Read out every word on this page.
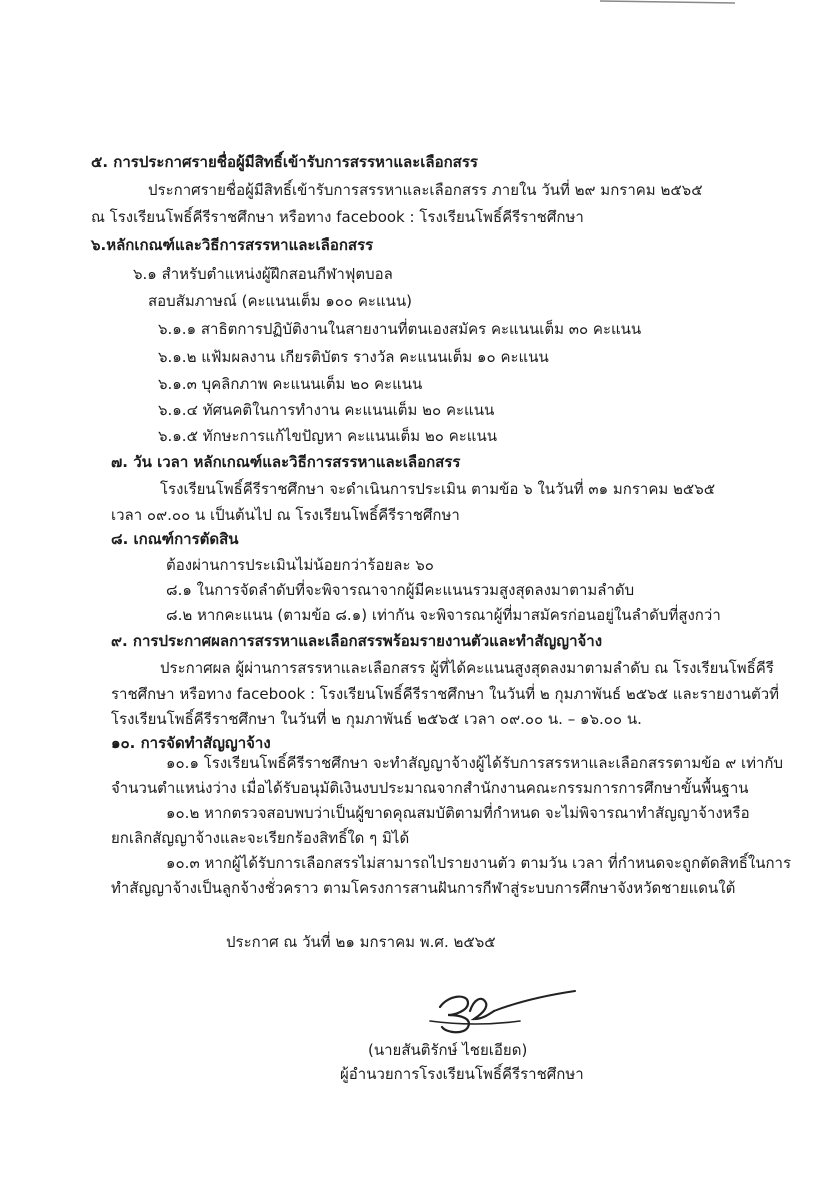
๕. การประกาศรายชื่อผู้มีสิทธิ์เข้ารับการสรรหาและเลือกสรร
ประกาศรายชื่อผู้มีสิทธิ์เข้ารับการสรรหาและเลือกสรร ภายใน วันที่ ๒๙ มกราคม ๒๕๖๕
ณ โรงเรียนโพธิ์คีรีราชศึกษา หรือทาง facebook : โรงเรียนโพธิ์คีรีราชศึกษา
๖.หลักเกณฑ์และวิธีการสรรหาและเลือกสรร
๖.๑ สำหรับตำแหน่งผู้ฝึกสอนกีฬาฟุตบอล
สอบสัมภาษณ์ (คะแนนเต็ม ๑๐๐ คะแนน)
๖.๑.๑ สาธิตการปฏิบัติงานในสายงานที่ตนเองสมัคร คะแนนเต็ม ๓๐ คะแนน
๖.๑.๒ แฟ้มผลงาน เกียรติบัตร รางวัล คะแนนเต็ม ๑๐ คะแนน
๖.๑.๓ บุคลิกภาพ คะแนนเต็ม ๒๐ คะแนน
๖.๑.๔ ทัศนคติในการทำงาน คะแนนเต็ม ๒๐ คะแนน
๖.๑.๕ ทักษะการแก้ไขปัญหา คะแนนเต็ม ๒๐ คะแนน
๗. วัน เวลา หลักเกณฑ์และวิธีการสรรหาและเลือกสรร
โรงเรียนโพธิ์คีรีราชศึกษา จะดำเนินการประเมิน ตามข้อ ๖ ในวันที่ ๓๑ มกราคม ๒๕๖๕
เวลา ๐๙.๐๐ น เป็นต้นไป ณ โรงเรียนโพธิ์คีรีราชศึกษา
๘. เกณฑ์การตัดสิน
ต้องผ่านการประเมินไม่น้อยกว่าร้อยละ ๖๐
๘.๑ ในการจัดลำดับที่จะพิจารณาจากผู้มีคะแนนรวมสูงสุดลงมาตามลำดับ
๘.๒ หากคะแนน (ตามข้อ ๘.๑) เท่ากัน จะพิจารณาผู้ที่มาสมัครก่อนอยู่ในลำดับที่สูงกว่า
๙. การประกาศผลการสรรหาและเลือกสรรพร้อมรายงานตัวและทำสัญญาจ้าง
ประกาศผล ผู้ผ่านการสรรหาและเลือกสรร ผู้ที่ได้คะแนนสูงสุดลงมาตามลำดับ ณ โรงเรียนโพธิ์คีรี
ราชศึกษา หรือทาง facebook : โรงเรียนโพธิ์คีรีราชศึกษา ในวันที่ ๒ กุมภาพันธ์ ๒๕๖๕ และรายงานตัวที่
โรงเรียนโพธิ์คีรีราชศึกษา ในวันที่ ๒ กุมภาพันธ์ ๒๕๖๕ เวลา ๐๙.๐๐ น. – ๑๖.๐๐ น.
๑๐. การจัดทำสัญญาจ้าง
๑๐.๑ โรงเรียนโพธิ์คีรีราชศึกษา จะทำสัญญาจ้างผู้ได้รับการสรรหาและเลือกสรรตามข้อ ๙ เท่ากับ
จำนวนตำแหน่งว่าง เมื่อได้รับอนุมัติเงินงบประมาณจากสำนักงานคณะกรรมการการศึกษาขั้นพื้นฐาน
๑๐.๒ หากตรวจสอบพบว่าเป็นผู้ขาดคุณสมบัติตามที่กำหนด จะไม่พิจารณาทำสัญญาจ้างหรือ
ยกเลิกสัญญาจ้างและจะเรียกร้องสิทธิ์ใด ๆ มิได้
๑๐.๓ หากผู้ได้รับการเลือกสรรไม่สามารถไปรายงานตัว ตามวัน เวลา ที่กำหนดจะถูกตัดสิทธิ์ในการ
ทำสัญญาจ้างเป็นลูกจ้างชั่วคราว ตามโครงการสานฝันการกีฬาสู่ระบบการศึกษาจังหวัดชายแดนใต้
ประกาศ ณ วันที่ ๒๑ มกราคม พ.ศ. ๒๕๖๕
(นายสันติรักษ์ ไชยเอียด)
ผู้อำนวยการโรงเรียนโพธิ์คีรีราชศึกษา
